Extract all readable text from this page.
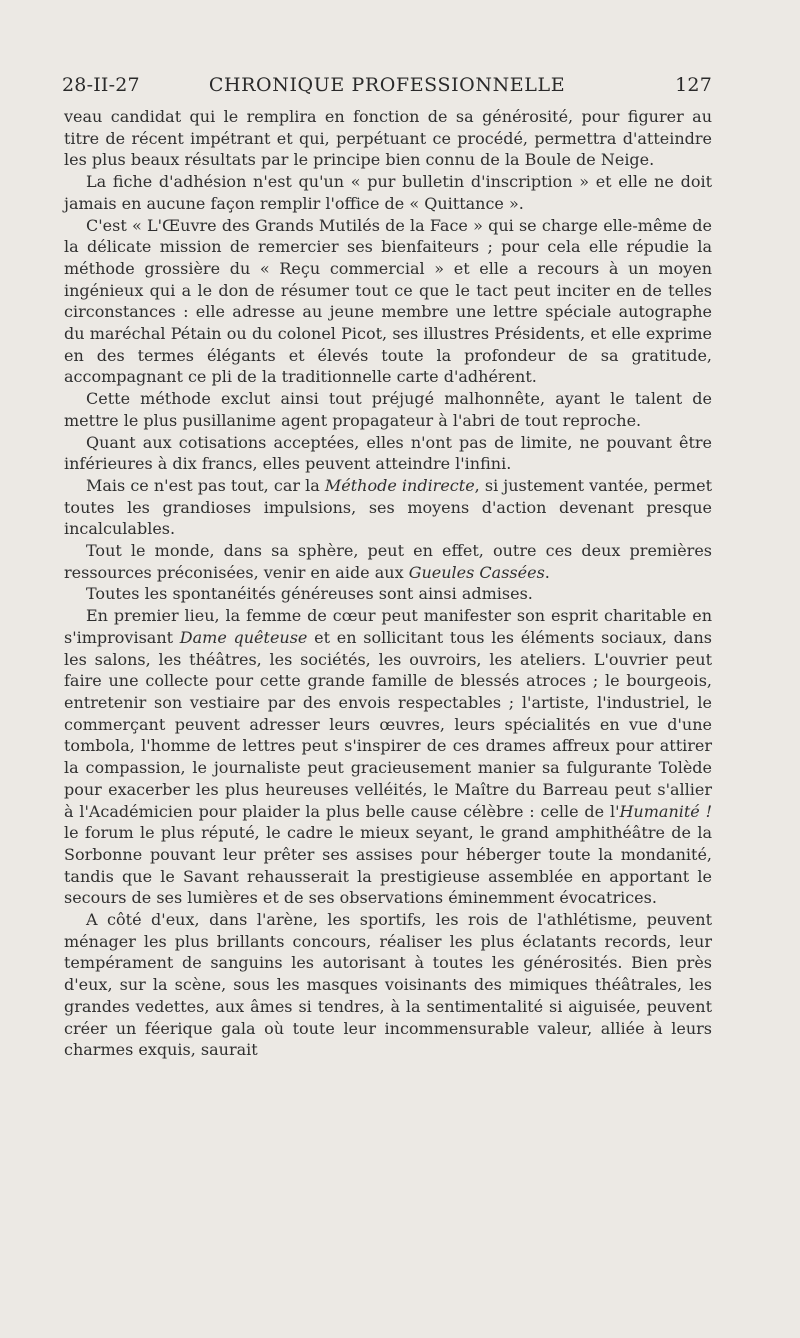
28-II-27	CHRONIQUE PROFESSIONNELLE	127

veau candidat qui le remplira en fonction de sa générosité, pour figurer au titre de récent impétrant et qui, perpétuant ce procédé, permettra d'atteindre les plus beaux résultats par le principe bien connu de la Boule de Neige.

La fiche d'adhésion n'est qu'un « pur bulletin d'inscription » et elle ne doit jamais en aucune façon remplir l'office de « Quittance ».

C'est « L'Œuvre des Grands Mutilés de la Face » qui se charge elle-même de la délicate mission de remercier ses bienfaiteurs ; pour cela elle répudie la méthode grossière du « Reçu commercial » et elle a recours à un moyen ingénieux qui a le don de résumer tout ce que le tact peut inciter en de telles circonstances : elle adresse au jeune membre une lettre spéciale autographe du maréchal Pétain ou du colonel Picot, ses illustres Présidents, et elle exprime en des termes élégants et élevés toute la profondeur de sa gratitude, accompagnant ce pli de la traditionnelle carte d'adhérent.

Cette méthode exclut ainsi tout préjugé malhonnête, ayant le talent de mettre le plus pusillanime agent propagateur à l'abri de tout reproche.

Quant aux cotisations acceptées, elles n'ont pas de limite, ne pouvant être inférieures à dix francs, elles peuvent atteindre l'infini.

Mais ce n'est pas tout, car la Méthode indirecte, si justement vantée, permet toutes les grandioses impulsions, ses moyens d'action devenant presque incalculables.

Tout le monde, dans sa sphère, peut en effet, outre ces deux premières ressources préconisées, venir en aide aux Gueules Cassées.

Toutes les spontanéités généreuses sont ainsi admises.

En premier lieu, la femme de cœur peut manifester son esprit charitable en s'improvisant Dame quêteuse et en sollicitant tous les éléments sociaux, dans les salons, les théâtres, les sociétés, les ouvroirs, les ateliers. L'ouvrier peut faire une collecte pour cette grande famille de blessés atroces ; le bourgeois, entretenir son vestiaire par des envois respectables ; l'artiste, l'industriel, le commerçant peuvent adresser leurs œuvres, leurs spécialités en vue d'une tombola, l'homme de lettres peut s'inspirer de ces drames affreux pour attirer la compassion, le journaliste peut gracieusement manier sa fulgurante Tolède pour exacerber les plus heureuses velléités, le Maître du Barreau peut s'allier à l'Académicien pour plaider la plus belle cause célèbre : celle de l'Humanité ! le forum le plus réputé, le cadre le mieux seyant, le grand amphithéâtre de la Sorbonne pouvant leur prêter ses assises pour héberger toute la mondanité, tandis que le Savant rehausserait la prestigieuse assemblée en apportant le secours de ses lumières et de ses observations éminemment évocatrices.

A côté d'eux, dans l'arène, les sportifs, les rois de l'athlétisme, peuvent ménager les plus brillants concours, réaliser les plus éclatants records, leur tempérament de sanguins les autorisant à toutes les générosités. Bien près d'eux, sur la scène, sous les masques voisinants des mimiques théâtrales, les grandes vedettes, aux âmes si tendres, à la sentimentalité si aiguisée, peuvent créer un féerique gala où toute leur incommensurable valeur, alliée à leurs charmes exquis, saurait
